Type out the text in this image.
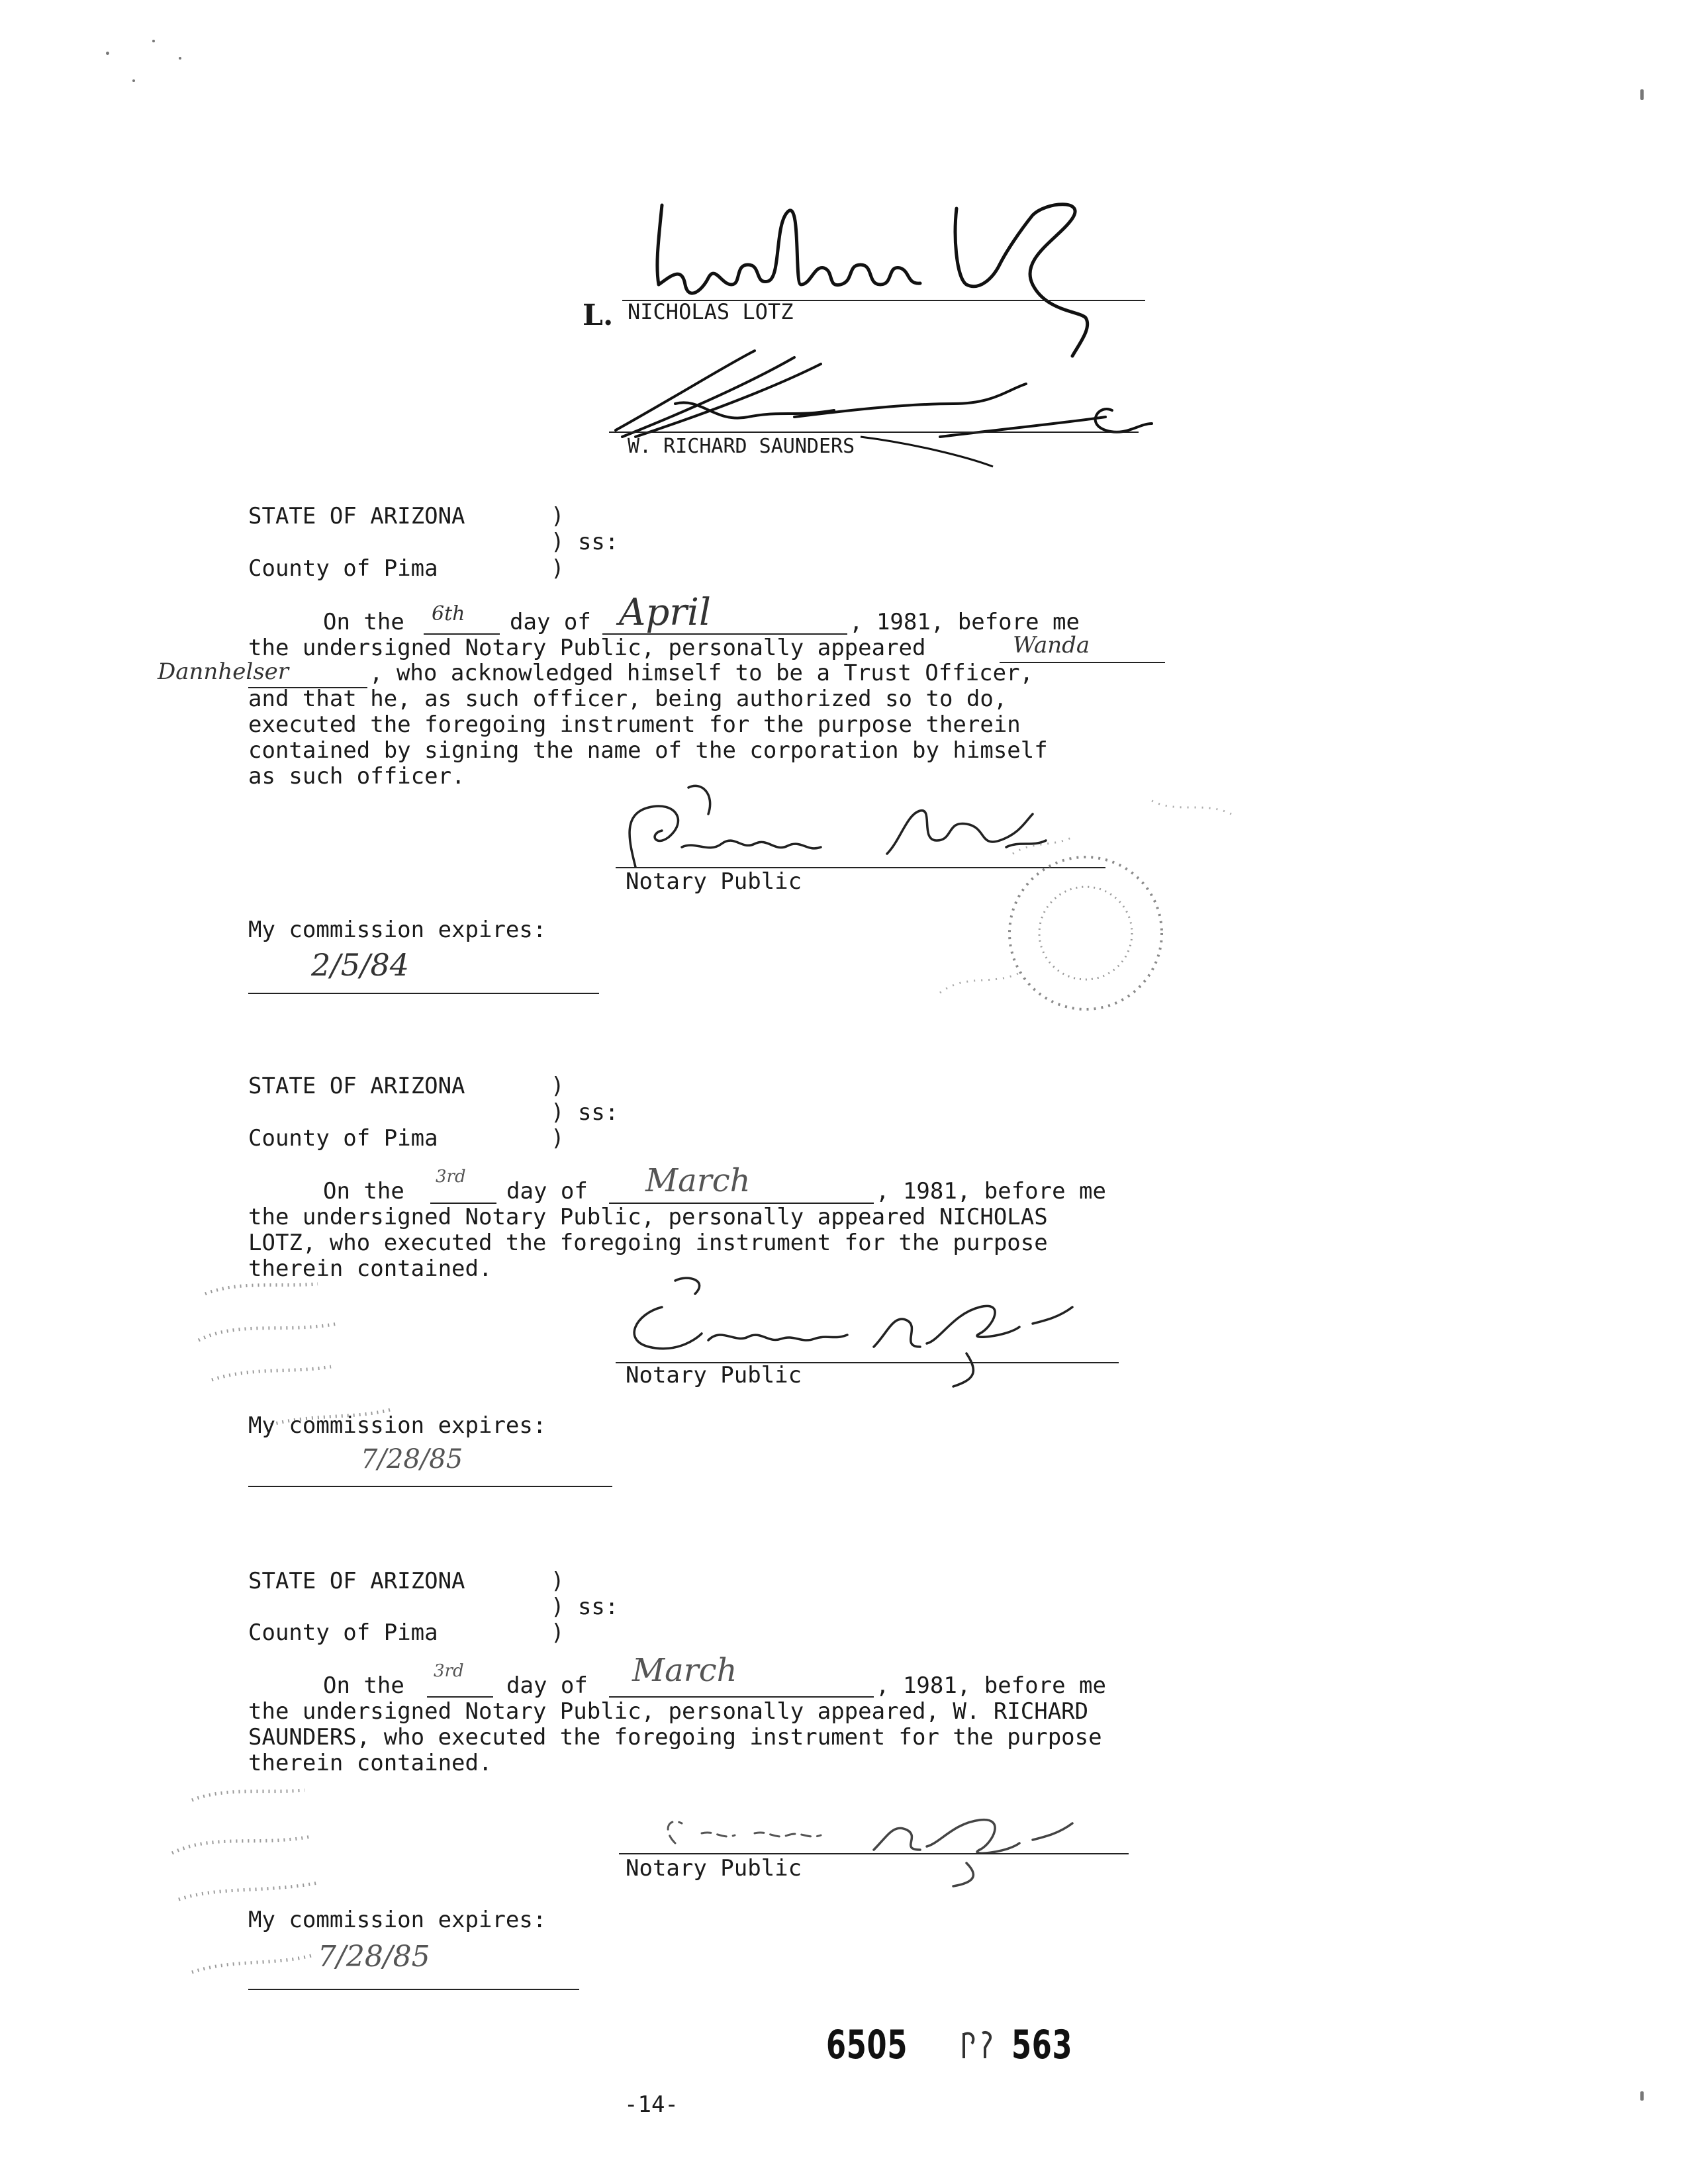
L. NICHOLAS LOTZ
W. RICHARD SAUNDERS
STATE OF ARIZONA	)
) ss:
County of Pima	)
On the 6th day of April	, 1981, before me
the undersigned Notary Public, personally appeared	Wanda
Dannhelser	, who acknowledged himself to be a Trust Officer,
and that he, as such officer, being authorized so to do,
executed the foregoing instrument for the purpose therein
contained by signing the name of the corporation by himself
as such officer.
Notary Public
My commission expires:
2/5/84
STATE OF ARIZONA	)
) ss:
County of Pima	)
On the
3rd
day of March	, 1981, before me
the undersigned Notary Public, personally appeared NICHOLAS
LOTZ, who executed the foregoing instrument for the purpose
therein contained.
Notary Public
My commission expires:
7/28/85
STATE OF ARIZONA	)
) ss:
County of Pima	)
On the
3rd
day of March	, 1981, before me
the undersigned Notary Public, personally appeared, W. RICHARD
SAUNDERS, who executed the foregoing instrument for the purpose
therein contained.
Notary Public
My commission expires:
7/28/85
6505	563
-14-
